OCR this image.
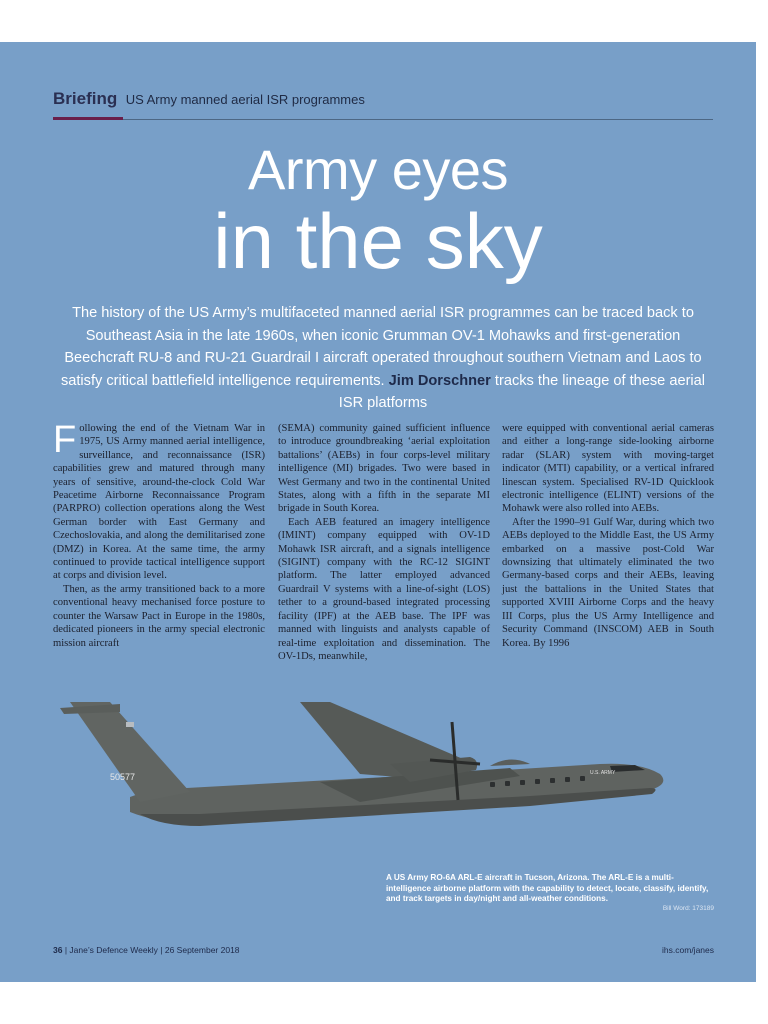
Briefing US Army manned aerial ISR programmes
Army eyes
in the sky
The history of the US Army’s multifaceted manned aerial ISR programmes can be traced back to Southeast Asia in the late 1960s, when iconic Grumman OV-1 Mohawks and first-generation Beechcraft RU-8 and RU-21 Guardrail I aircraft operated throughout southern Vietnam and Laos to satisfy critical battlefield intelligence requirements. Jim Dorschner tracks the lineage of these aerial ISR platforms

Following the end of the Vietnam War in 1975, US Army manned aerial intelligence, surveillance, and reconnaissance (ISR) capabilities grew and matured through many years of sensitive, around-the-clock Cold War Peacetime Airborne Reconnaissance Program (PARPRO) collection operations along the West German border with East Germany and Czechoslovakia, and along the demilitarised zone (DMZ) in Korea. At the same time, the army continued to provide tactical intelligence support at corps and division level.

Then, as the army transitioned back to a more conventional heavy mechanised force posture to counter the Warsaw Pact in Europe in the 1980s, dedicated pioneers in the army special electronic mission aircraft

(SEMA) community gained sufficient influence to introduce groundbreaking ‘aerial exploitation battalions’ (AEBs) in four corps-level military intelligence (MI) brigades. Two were based in West Germany and two in the continental United States, along with a fifth in the separate MI brigade in South Korea.

Each AEB featured an imagery intelligence (IMINT) company equipped with OV-1D Mohawk ISR aircraft, and a signals intelligence (SIGINT) company with the RC-12 SIGINT platform. The latter employed advanced Guardrail V systems with a line-of-sight (LOS) tether to a ground-based integrated processing facility (IPF) at the AEB base. The IPF was manned with linguists and analysts capable of real-time exploitation and dissemination. The OV-1Ds, meanwhile,

were equipped with conventional aerial cameras and either a long-range side-looking airborne radar (SLAR) system with moving-target indicator (MTI) capability, or a vertical infrared linescan system. Specialised RV-1D Quicklook electronic intelligence (ELINT) versions of the Mohawk were also rolled into AEBs.

After the 1990–91 Gulf War, during which two AEBs deployed to the Middle East, the US Army embarked on a massive post-Cold War downsizing that ultimately eliminated the two Germany-based corps and their AEBs, leaving just the battalions in the United States that supported XVIII Airborne Corps and the heavy III Corps, plus the US Army Intelligence and Security Command (INSCOM) AEB in South Korea. By 1996

50577	U.S. ARMY
A US Army RO-6A ARL-E aircraft in Tucson, Arizona. The ARL-E is a multi-intelligence airborne platform with the capability to detect, locate, classify, identify, and track targets in day/night and all-weather conditions.
Bill Word: 173189
36 | Jane’s Defence Weekly | 26 September 2018	ihs.com/janes
